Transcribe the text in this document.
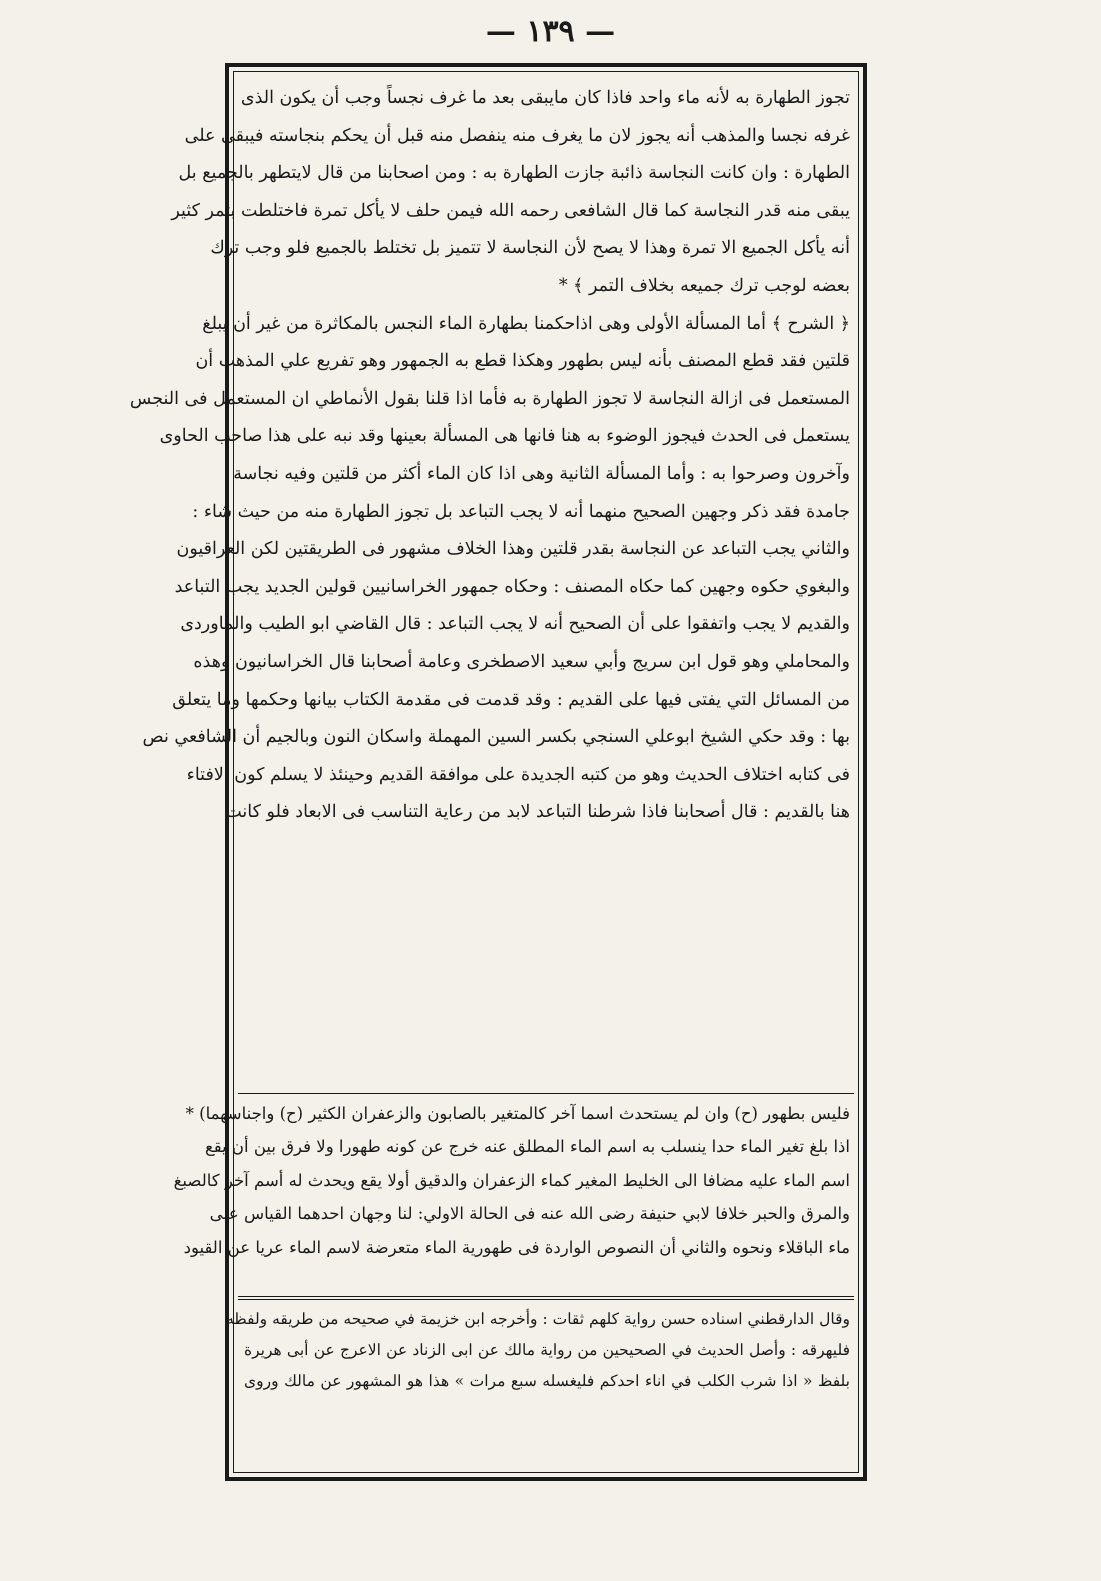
— ١٣٩ —
تجوز الطهارة به لأنه ماء واحد فاذا كان مايبقى بعد ما غرف نجساً وجب أن يكون الذى
غرفه نجسا والمذهب أنه يجوز لان ما يغرف منه ينفصل منه قبل أن يحكم بنجاسته فيبقى على
الطهارة : وان كانت النجاسة ذائبة جازت الطهارة به : ومن اصحابنا من قال لايتطهر بالجميع بل
يبقى منه قدر النجاسة كما قال الشافعى رحمه الله فيمن حلف لا يأكل تمرة فاختلطت بتمر كثير
أنه يأكل الجميع الا تمرة وهذا لا يصح لأن النجاسة لا تتميز بل تختلط بالجميع فلو وجب ترك
بعضه لوجب ترك جميعه بخلاف التمر ﴾ *
﴿ الشرح ﴾ أما المسألة الأولى وهى اذاحكمنا بطهارة الماء النجس بالمكاثرة من غير أن يبلغ
قلتين فقد قطع المصنف بأنه ليس بطهور وهكذا قطع به الجمهور وهو تفريع علي المذهب أن
المستعمل فى ازالة النجاسة لا تجوز الطهارة به فأما اذا قلنا بقول الأنماطي ان المستعمل فى النجس
يستعمل فى الحدث فيجوز الوضوء به هنا فانها هى المسألة بعينها وقد نبه على هذا صاحب الحاوى
وآخرون وصرحوا به : وأما المسألة الثانية وهى اذا كان الماء أكثر من قلتين وفيه نجاسة
جامدة فقد ذكر وجهين الصحيح منهما أنه لا يجب التباعد بل تجوز الطهارة منه من حيث شاء :
والثاني يجب التباعد عن النجاسة بقدر قلتين وهذا الخلاف مشهور فى الطريقتين لكن العراقيون
والبغوي حكوه وجهين كما حكاه المصنف : وحكاه جمهور الخراسانيين قولين الجديد يجب التباعد
والقديم لا يجب واتفقوا على أن الصحيح أنه لا يجب التباعد : قال القاضي ابو الطيب والماوردى
والمحاملي وهو قول ابن سريج وأبي سعيد الاصطخرى وعامة أصحابنا قال الخراسانيون وهذه
من المسائل التي يفتى فيها على القديم : وقد قدمت فى مقدمة الكتاب بيانها وحكمها وما يتعلق
بها : وقد حكي الشيخ ابوعلي السنجي بكسر السين المهملة واسكان النون وبالجيم أن الشافعي نص
فى كتابه اختلاف الحديث وهو من كتبه الجديدة على موافقة القديم وحينئذ لا يسلم كون الافتاء
هنا بالقديم : قال أصحابنا فاذا شرطنا التباعد لابد من رعاية التناسب فى الابعاد فلو كانت
فليس بطهور (ح) وان لم يستحدث اسما آخر كالمتغير بالصابون والزعفران الكثير (ح) واجناسهما) *
اذا بلغ تغير الماء حدا ينسلب به اسم الماء المطلق عنه خرج عن كونه طهورا ولا فرق بين أن يقع
اسم الماء عليه مضافا الى الخليط المغير كماء الزعفران والدقيق أولا يقع ويحدث له أسم آخر كالصبغ
والمرق والحبر خلافا لابي حنيفة رضى الله عنه فى الحالة الاولي: لنا وجهان احدهما القياس على
ماء الباقلاء ونحوه والثاني أن النصوص الواردة فى طهورية الماء متعرضة لاسم الماء عريا عن القيود
وقال الدارقطني اسناده حسن رواية كلهم ثقات : وأخرجه ابن خزيمة في صحيحه من طريقه ولفظه
فليهرقه : وأصل الحديث في الصحيحين من رواية مالك عن ابى الزناد عن الاعرج عن أبى هريرة
بلفظ « اذا شرب الكلب في اناء احدكم فليغسله سبع مرات » هذا هو المشهور عن مالك وروى
